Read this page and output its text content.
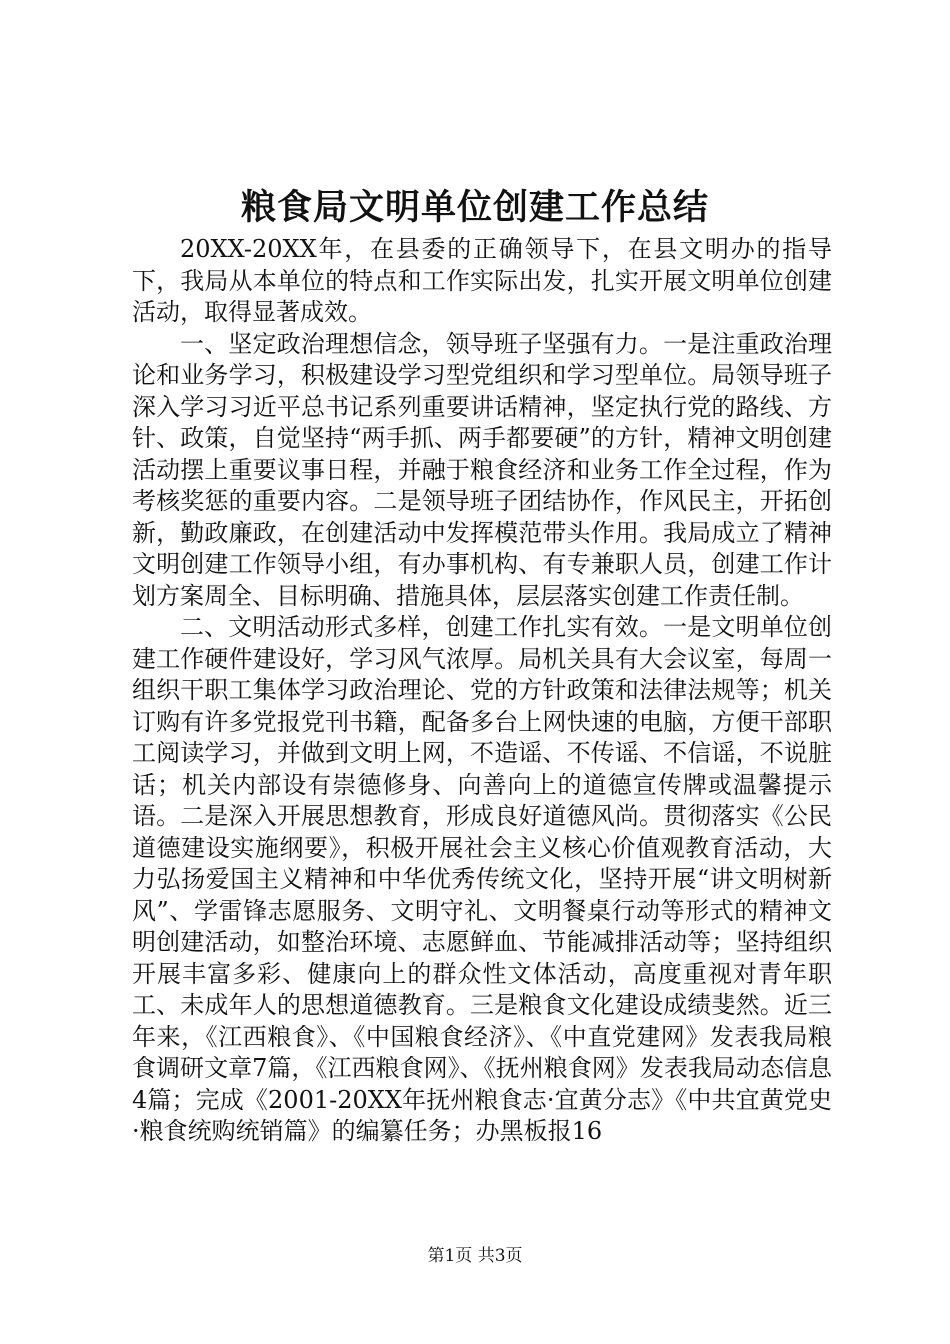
粮食局文明单位创建工作总结

20XX-20XX年，在县委的正确领导下，在县文明办的指导下，我局从本单位的特点和工作实际出发，扎实开展文明单位创建活动，取得显著成效。

一、坚定政治理想信念，领导班子坚强有力。一是注重政治理论和业务学习，积极建设学习型党组织和学习型单位。局领导班子深入学习习近平总书记系列重要讲话精神，坚定执行党的路线、方针、政策，自觉坚持“两手抓、两手都要硬”的方针，精神文明创建活动摆上重要议事日程，并融于粮食经济和业务工作全过程，作为考核奖惩的重要内容。二是领导班子团结协作，作风民主，开拓创新，勤政廉政，在创建活动中发挥模范带头作用。我局成立了精神文明创建工作领导小组，有办事机构、有专兼职人员，创建工作计划方案周全、目标明确、措施具体，层层落实创建工作责任制。

二、文明活动形式多样，创建工作扎实有效。一是文明单位创建工作硬件建设好，学习风气浓厚。局机关具有大会议室，每周一组织干职工集体学习政治理论、党的方针政策和法律法规等；机关订购有许多党报党刊书籍，配备多台上网快速的电脑，方便干部职工阅读学习，并做到文明上网，不造谣、不传谣、不信谣，不说脏话；机关内部设有崇德修身、向善向上的道德宣传牌或温馨提示语。二是深入开展思想教育，形成良好道德风尚。贯彻落实《公民道德建设实施纲要》，积极开展社会主义核心价值观教育活动，大力弘扬爱国主义精神和中华优秀传统文化，坚持开展“讲文明树新风”、学雷锋志愿服务、文明守礼、文明餐桌行动等形式的精神文明创建活动，如整治环境、志愿鲜血、节能减排活动等；坚持组织开展丰富多彩、健康向上的群众性文体活动，高度重视对青年职工、未成年人的思想道德教育。三是粮食文化建设成绩斐然。近三年来，《江西粮食》、《中国粮食经济》、《中直党建网》发表我局粮食调研文章7篇，《江西粮食网》、《抚州粮食网》发表我局动态信息4篇；完成《2001-20XX年抚州粮食志·宜黄分志》《中共宜黄党史·粮食统购统销篇》的编纂任务；办黑板报16

第1页 共3页
